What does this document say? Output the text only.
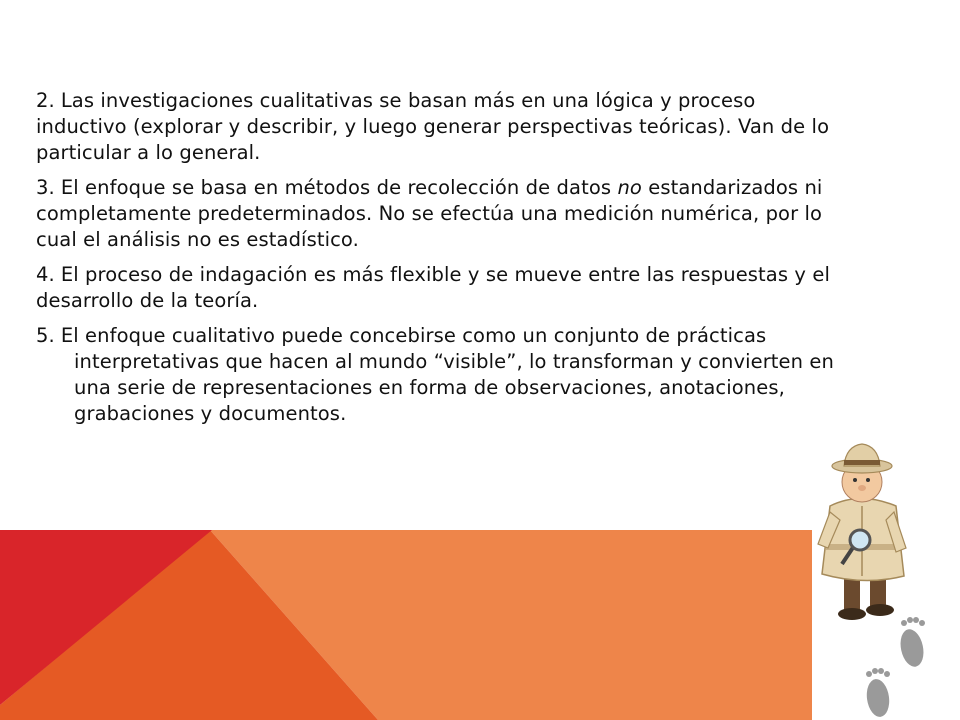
2. Las investigaciones cualitativas se basan más en una lógica y proceso inductivo (explorar y describir, y luego generar perspectivas teóricas). Van de lo particular a lo general.

3. El enfoque se basa en métodos de recolección de datos no estandarizados ni completamente predeterminados. No se efectúa una medición numérica, por lo cual el análisis no es estadístico.

4. El proceso de indagación es más flexible y se mueve entre las respuestas y el desarrollo de la teoría.

5. El enfoque cualitativo puede concebirse como un conjunto de prácticas interpretativas que hacen al mundo “visible”, lo transforman y convierten en una serie de representaciones en forma de observaciones, anotaciones, grabaciones y documentos.
